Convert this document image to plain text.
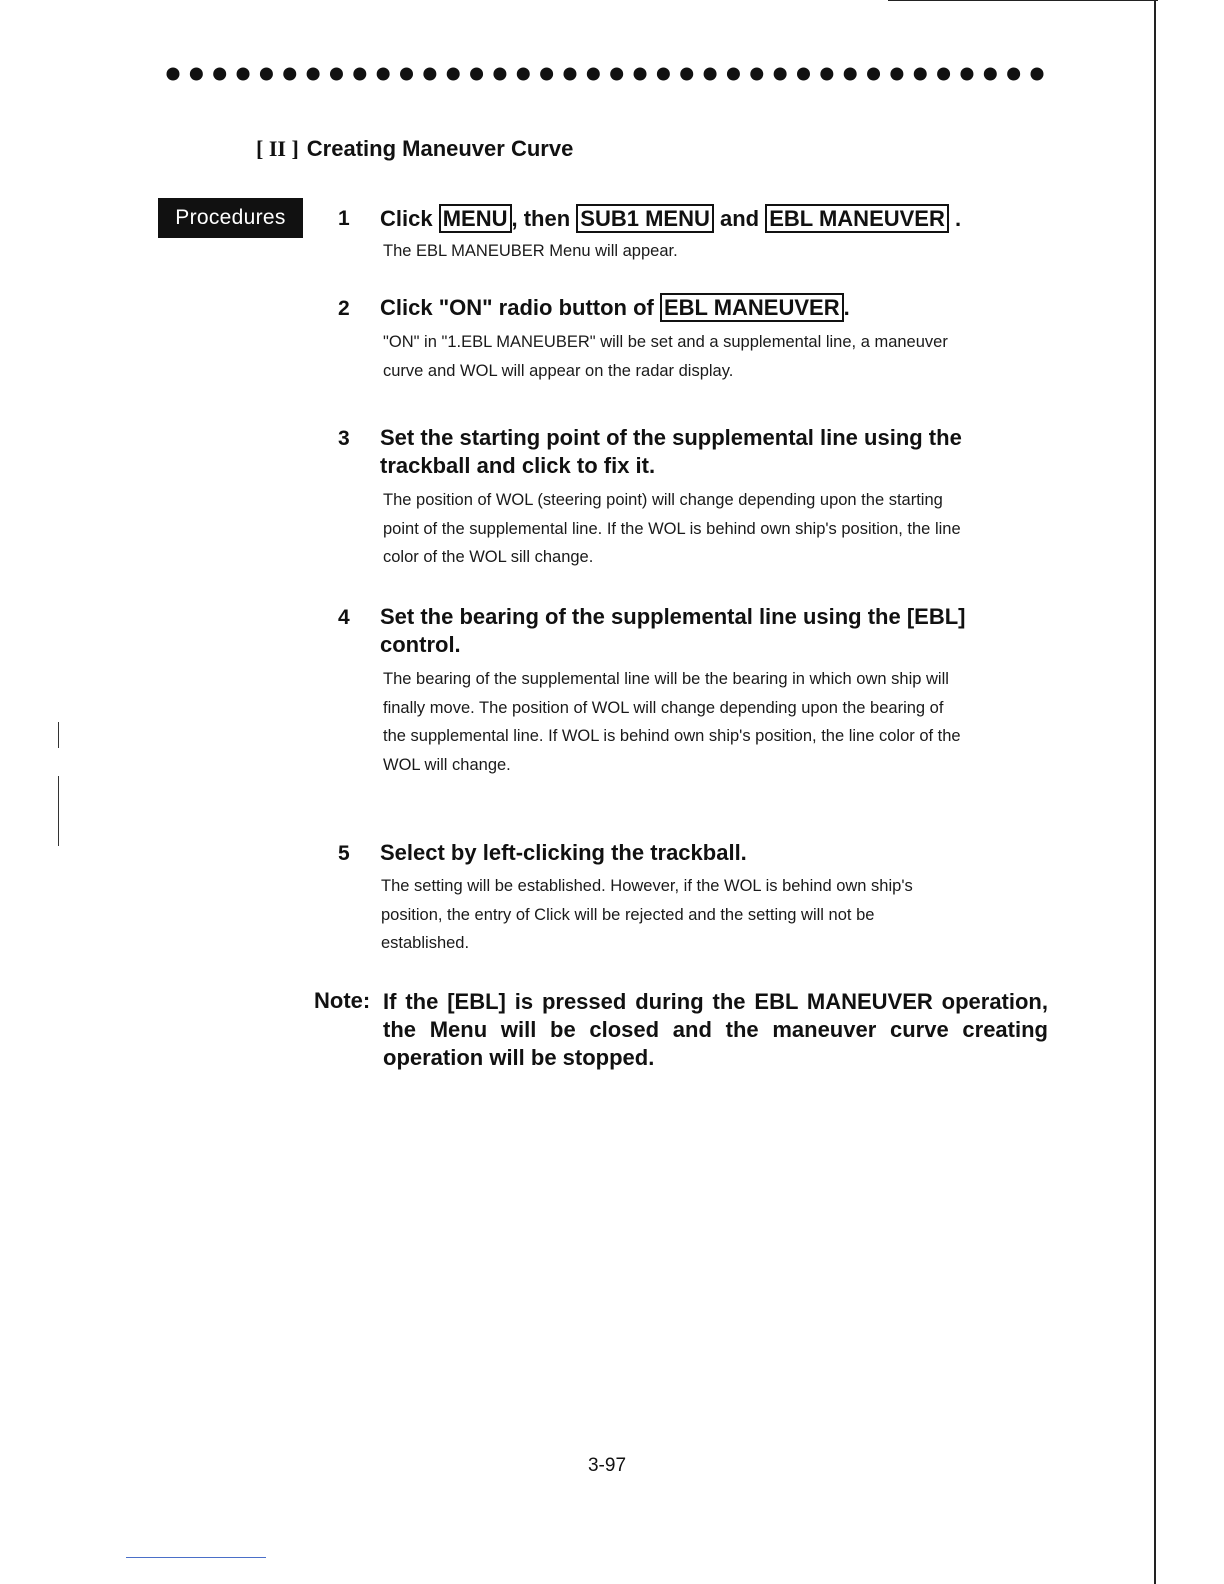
[ II ] Creating Maneuver Curve
Procedures	1 Click MENU , then SUB1 MENU and EBL MANEUVER .
The EBL MANEUBER Menu will appear.
2 Click "ON" radio button of EBL MANEUVER .
"ON" in "1.EBL MANEUBER" will be set and a supplemental line, a maneuver
curve and WOL will appear on the radar display.
3 Set the starting point of the supplemental line using the
trackball and click to fix it.
The position of WOL (steering point) will change depending upon the starting
point of the supplemental line. If the WOL is behind own ship's position, the line
color of the WOL sill change.
4 Set the bearing of the supplemental line using the [EBL]
control.
The bearing of the supplemental line will be the bearing in which own ship will
finally move. The position of WOL will change depending upon the bearing of
the supplemental line. If WOL is behind own ship's position, the line color of the
WOL will change.
5 Select by left-clicking the trackball.
The setting will be established. However, if the WOL is behind own ship's
position, the entry of Click will be rejected and the setting will not be
established.
Note: If the [EBL] is pressed during the EBL MANEUVER operation, the Menu will be closed and the maneuver curve creating operation will be stopped.
3-97
